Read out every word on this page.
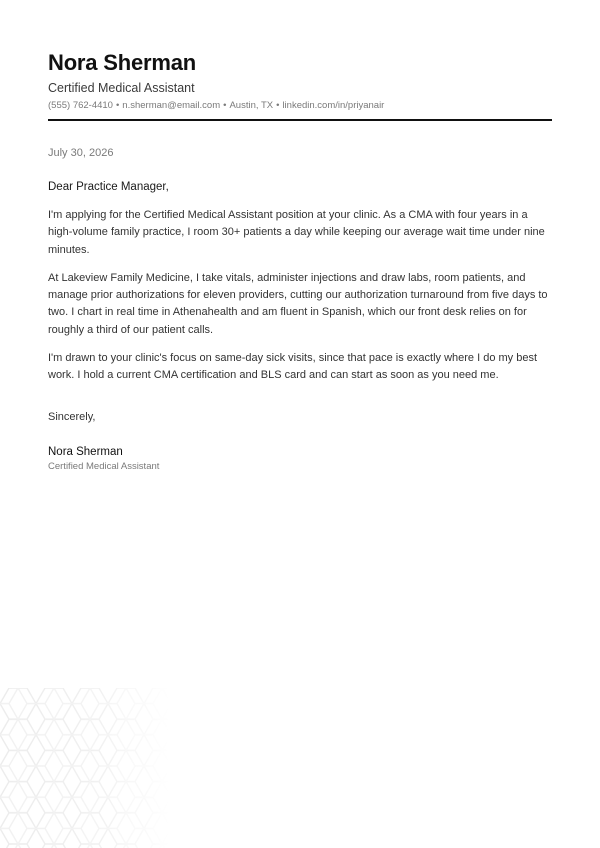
Nora Sherman
Certified Medical Assistant
(555) 762-4410 • n.sherman@email.com • Austin, TX • linkedin.com/in/priyanair
July 30, 2026
Dear Practice Manager,

I'm applying for the Certified Medical Assistant position at your clinic. As a CMA with four years in a high-volume family practice, I room 30+ patients a day while keeping our average wait time under nine minutes.

At Lakeview Family Medicine, I take vitals, administer injections and draw labs, room patients, and manage prior authorizations for eleven providers, cutting our authorization turnaround from five days to two. I chart in real time in Athenahealth and am fluent in Spanish, which our front desk relies on for roughly a third of our patient calls.

I'm drawn to your clinic's focus on same-day sick visits, since that pace is exactly where I do my best work. I hold a current CMA certification and BLS card and can start as soon as you need me.

Sincerely,
Nora Sherman
Certified Medical Assistant
